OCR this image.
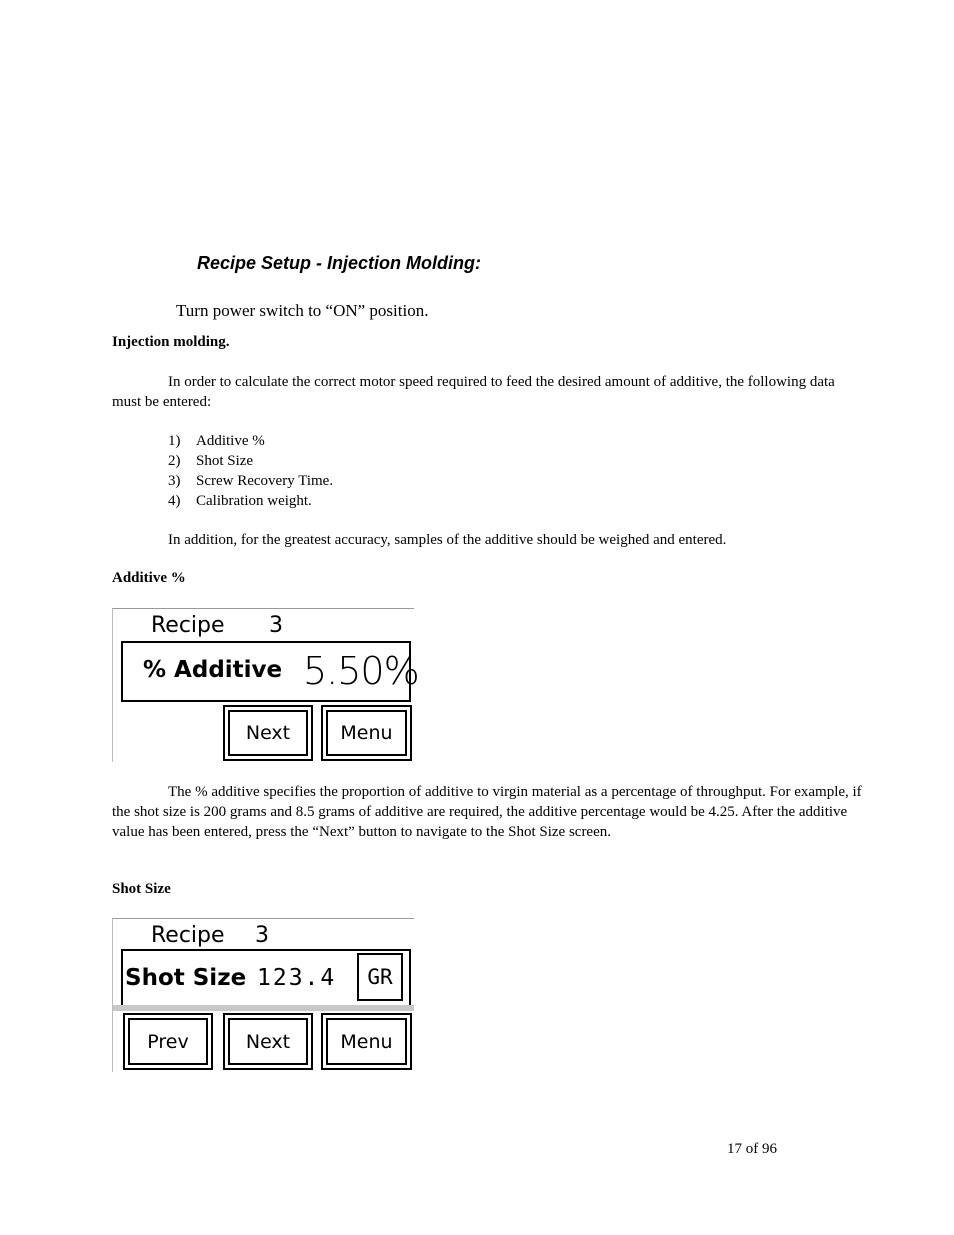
Recipe Setup - Injection Molding:
Turn power switch to “ON” position.
Injection molding.
In order to calculate the correct motor speed required to feed the desired amount of additive, the following data must be entered:
1) Additive %
2) Shot Size
3) Screw Recovery Time.
4) Calibration weight.
In addition, for the greatest accuracy, samples of the additive should be weighed and entered.
Additive %
Recipe 3
% Additive 5.50%
Next	Menu
The % additive specifies the proportion of additive to virgin material as a percentage of throughput. For example, if the shot size is 200 grams and 8.5 grams of additive are required, the additive percentage would be 4.25. After the additive value has been entered, press the “Next” button to navigate to the Shot Size screen.
Shot Size
Recipe 3
Shot Size 123.4	GR
Prev	Next	Menu
17 of 96
